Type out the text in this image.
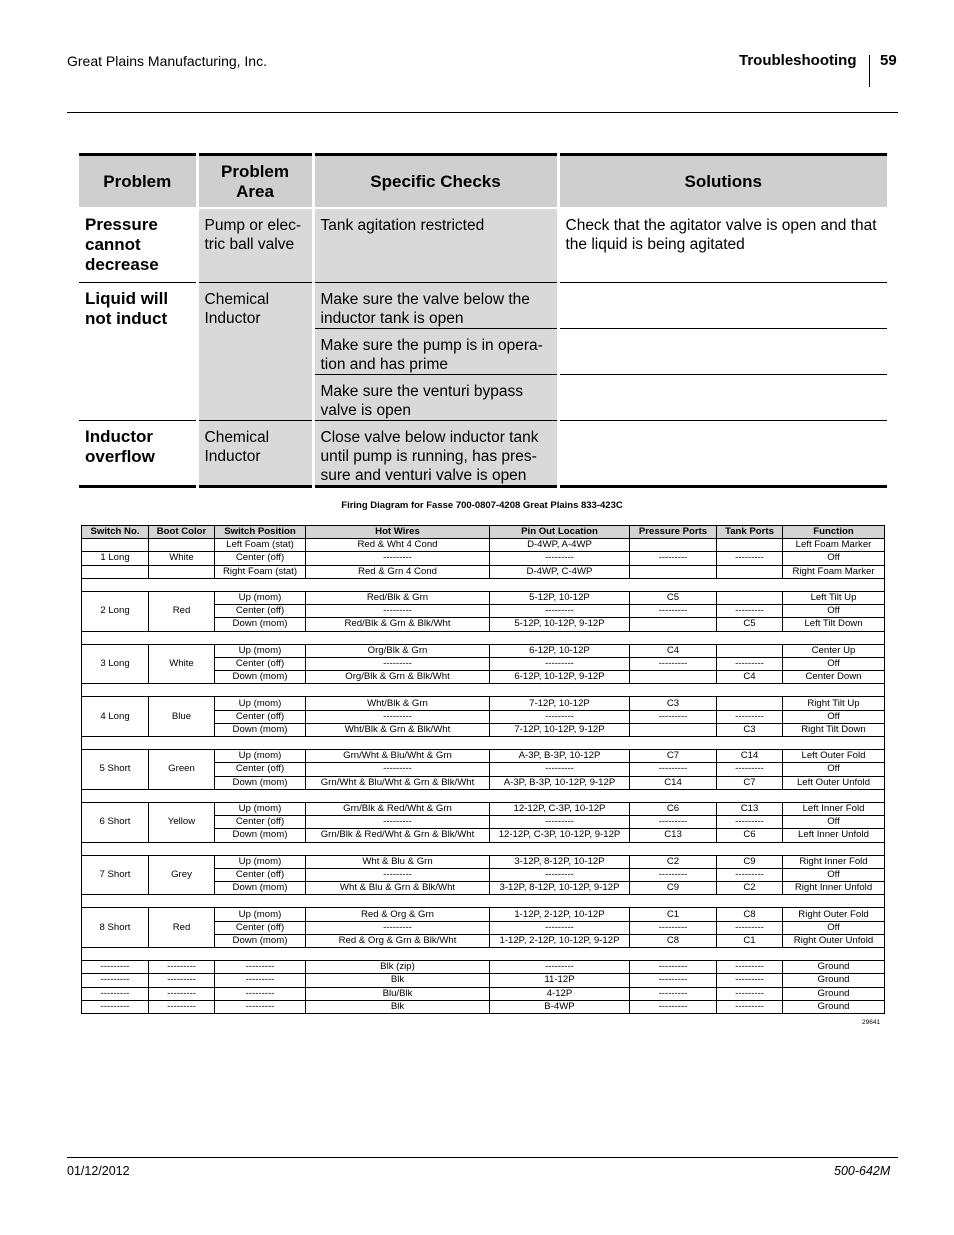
Great Plains Manufacturing, Inc.	Troubleshooting 59
Problem	Problem Area	Specific Checks	Solutions
Pressure cannot decrease	Pump or elec-tric ball valve	Tank agitation restricted	Check that the agitator valve is open and that the liquid is being agitated
Liquid will not induct	Chemical Inductor	Make sure the valve below the inductor tank is open	
		Make sure the pump is in opera-tion and has prime	
		Make sure the venturi bypass valve is open	
Inductor overflow	Chemical Inductor	Close valve below inductor tank until pump is running, has pres-sure and venturi valve is open	
Firing Diagram for Fasse 700-0807-4208 Great Plains 833-423C
Switch No.	Boot Color	Switch Position	Hot Wires	Pin Out Location	Pressure Ports	Tank Ports	Function
		Left Foam (stat)	Red & Wht 4 Cond	D-4WP, A-4WP			Left Foam Marker
1 Long	White	Center (off)	---------	---------	---------	---------	Off
		Right Foam (stat)	Red & Grn 4 Cond	D-4WP, C-4WP			Right Foam Marker

2 Long	Red	Up (mom)	Red/Blk & Grn	5-12P, 10-12P	C5		Left Tilt Up
		Center (off)	---------	---------	---------	---------	Off
		Down (mom)	Red/Blk & Grn & Blk/Wht	5-12P, 10-12P, 9-12P		C5	Left Tilt Down

3 Long	White	Up (mom)	Org/Blk & Grn	6-12P, 10-12P	C4		Center Up
		Center (off)	---------	---------	---------	---------	Off
		Down (mom)	Org/Blk & Grn & Blk/Wht	6-12P, 10-12P, 9-12P		C4	Center Down

4 Long	Blue	Up (mom)	Wht/Blk & Grn	7-12P, 10-12P	C3		Right Tilt Up
		Center (off)	---------	---------	---------	---------	Off
		Down (mom)	Wht/Blk & Grn & Blk/Wht	7-12P, 10-12P, 9-12P		C3	Right Tilt Down

5 Short	Green	Up (mom)	Grn/Wht & Blu/Wht & Grn	A-3P, B-3P, 10-12P	C7	C14	Left Outer Fold
		Center (off)	---------	---------	---------	---------	Off
		Down (mom)	Grn/Wht & Blu/Wht & Grn & Blk/Wht	A-3P, B-3P, 10-12P, 9-12P	C14	C7	Left Outer Unfold

6 Short	Yellow	Up (mom)	Grn/Blk & Red/Wht & Grn	12-12P, C-3P, 10-12P	C6	C13	Left Inner Fold
		Center (off)	---------	---------	---------	---------	Off
		Down (mom)	Grn/Blk & Red/Wht & Grn & Blk/Wht	12-12P, C-3P, 10-12P, 9-12P	C13	C6	Left Inner Unfold

7 Short	Grey	Up (mom)	Wht & Blu & Grn	3-12P, 8-12P, 10-12P	C2	C9	Right Inner Fold
		Center (off)	---------	---------	---------	---------	Off
		Down (mom)	Wht & Blu & Grn & Blk/Wht	3-12P, 8-12P, 10-12P, 9-12P	C9	C2	Right Inner Unfold

8 Short	Red	Up (mom)	Red & Org & Grn	1-12P, 2-12P, 10-12P	C1	C8	Right Outer Fold
		Center (off)	---------	---------	---------	---------	Off
		Down (mom)	Red & Org & Grn & Blk/Wht	1-12P, 2-12P, 10-12P, 9-12P	C8	C1	Right Outer Unfold

---------	---------	---------	Blk (zip)	---------	---------	---------	Ground
---------	---------	---------	Blk	11-12P	---------	---------	Ground
---------	---------	---------	Blu/Blk	4-12P	---------	---------	Ground
---------	---------	---------	Blk	B-4WP	---------	---------	Ground
29641
01/12/2012	500-642M
